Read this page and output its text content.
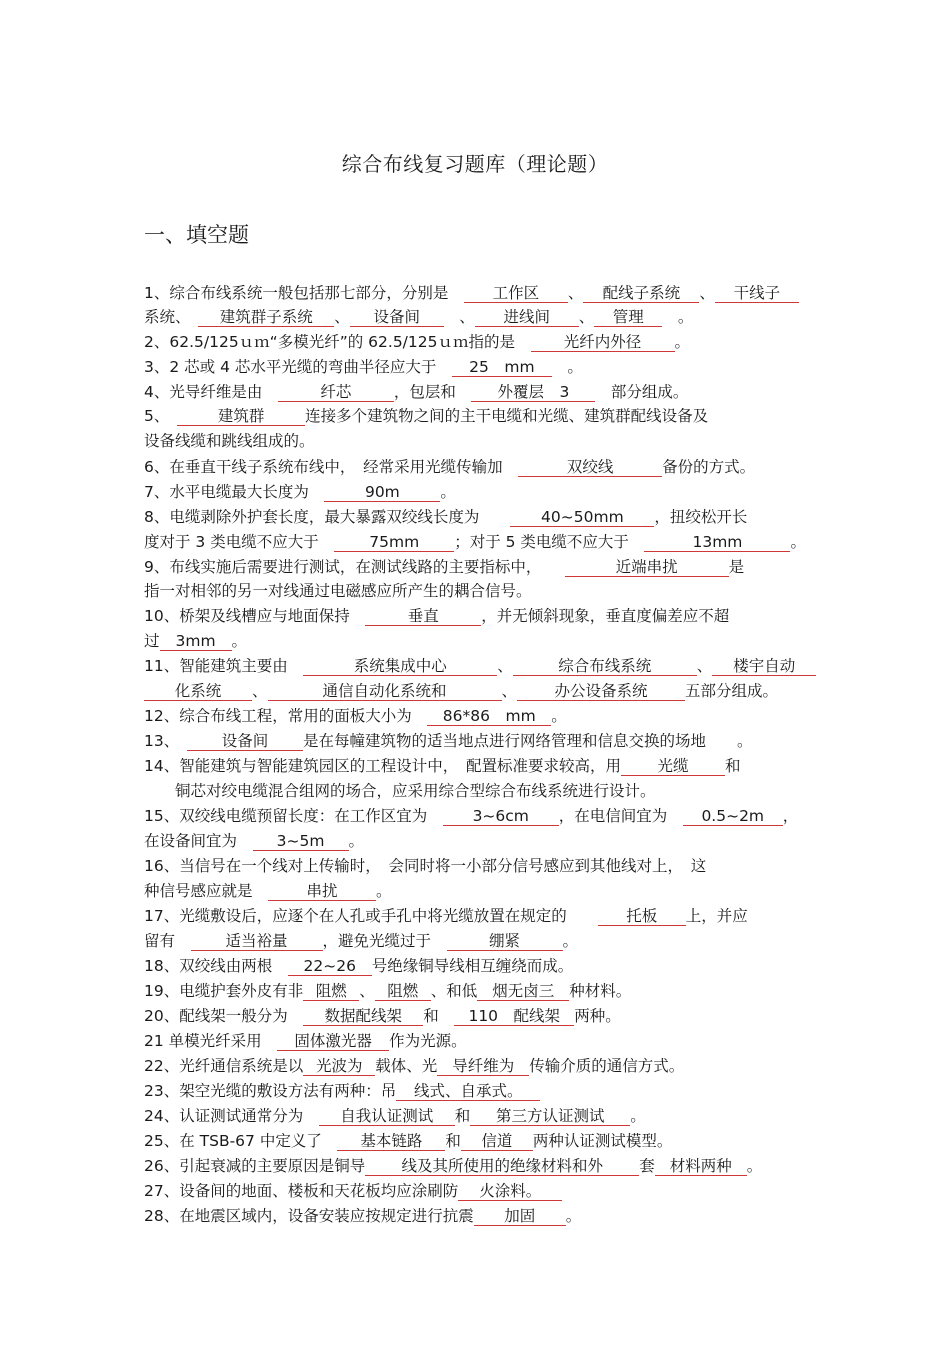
综合布线复习题库（理论题）
一、填空题
1、综合布线系统一般包括那七部分，分别是　工作区 、 配线子系统 、 干线子
系统、　建筑群子系统 、 设备间　、 进线间 、 管理　。
2、62.5/125ｕｍ“多模光纤”的 62.5/125ｕｍ指的是　光纤内外径 。
3、2 芯或 4 芯水平光缆的弯曲半径应大于　25　mm　。
4、光导纤维是由　	纤芯	，包层和　外覆层　3　部分组成。
5、　	建筑群	连接多个建筑物之间的主干电缆和光缆、建筑群配线设备及
设备线缆和跳线组成的。
6、在垂直干线子系统布线中，　经常采用光缆传输加　	双绞线	备份的方式。
7、水平电缆最大长度为　	90m	。
8、电缆剥除外护套长度，最大暴露双绞线长度为　　40~50mm ，扭绞松开长
度对于 3 类电缆不应大于　75mm ；对于 5 类电缆不应大于　	13mm	。
9、布线实施后需要进行测试，在测试线路的主要指标中，　　	近端串扰	是
指一对相邻的另一对线通过电磁感应所产生的耦合信号。
10、桥架及线槽应与地面保持　	垂直	，并无倾斜现象，垂直度偏差应不超
过 3mm 。
11、智能建筑主要由　	系统集成中心	、	综合布线系统	、 楼宇自动
化系统 、	通信自动化系统和	、 办公设备系统 五部分组成。
12、综合布线工程，常用的面板大小为　86*86　mm 。
13、　设备间 是在每幢建筑物的适当地点进行网络管理和信息交换的场地　　。
14、智能建筑与智能建筑园区的工程设计中，　配置标准要求较高，用 光缆 和
　　铜芯对绞电缆混合组网的场合，应采用综合型综合布线系统进行设计。
15、双绞线电缆预留长度：在工作区宜为　3~6cm ，在电信间宜为　0.5~2m ，
在设备间宜为　3~5m 。
16、当信号在一个线对上传输时，　会同时将一小部分信号感应到其他线对上，　这
种信号感应就是　串扰 。
17、光缆敷设后，应逐个在人孔或手孔中将光缆放置在规定的　　托板 上，并应
留有　适当裕量 ，避免光缆过于　	绷紧	。
18、双绞线由两根　22~26 号绝缘铜导线相互缠绕而成。
19、电缆护套外皮有非 阻燃 、 阻燃 、和低 烟无卤三 种材料。
20、配线架一般分为　数据配线架 和　110　配线架 两种。
21 单模光纤采用　固体激光器 作为光源。
22、光纤通信系统是以 光波为 载体、光 导纤维为 传输介质的通信方式。
23、架空光缆的敷设方法有两种：吊 线式、自承式。
24、认证测试通常分为　自我认证测试 和 第三方认证测试 。
25、在 TSB-67 中定义了　基本链路 和 信道 两种认证测试模型。
26、引起衰减的主要原因是铜导 线及其所使用的绝缘材料和外 套 材料两种 。
27、设备间的地面、楼板和天花板均应涂刷防 火涂料。
28、在地震区域内，设备安装应按规定进行抗震 加固 。
